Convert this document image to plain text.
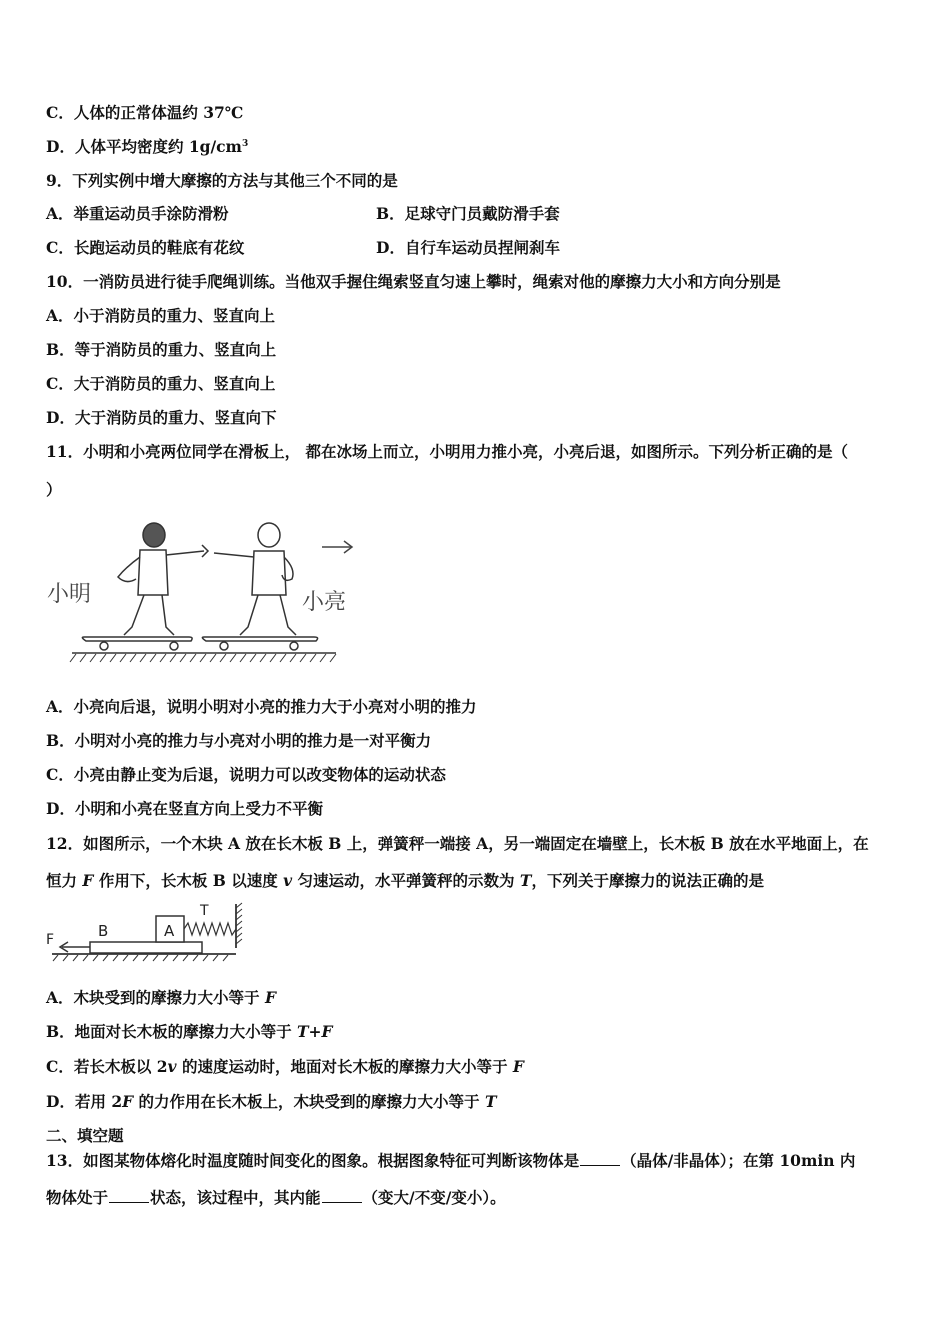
C．人体的正常体温约 37℃
D．人体平均密度约 $1g/cm^3$
9．下列实例中增大摩擦的方法与其他三个不同的是
A．举重运动员手涂防滑粉	B．足球守门员戴防滑手套
C．长跑运动员的鞋底有花纹	D．自行车运动员捏闸刹车
10．一消防员进行徒手爬绳训练。当他双手握住绳索竖直匀速上攀时，绳索对他的摩擦力大小和方向分别是
A．小于消防员的重力、竖直向上
B．等于消防员的重力、竖直向上
C．大于消防员的重力、竖直向上
D．大于消防员的重力、竖直向下
11．小明和小亮两位同学在滑板上， 都在冰场上而立，小明用力推小亮，小亮后退，如图所示。下列分析正确的是（
）
小明	小亮
A．小亮向后退，说明小明对小亮的推力大于小亮对小明的推力
B．小明对小亮的推力与小亮对小明的推力是一对平衡力
C．小亮由静止变为后退，说明力可以改变物体的运动状态
D．小明和小亮在竖直方向上受力不平衡
12．如图所示，一个木块 A 放在长木板 B 上，弹簧秤一端接 A，另一端固定在墙壁上，长木板 B 放在水平地面上，在
恒力 F 作用下，长木板 B 以速度 v 匀速运动，水平弹簧秤的示数为 T，下列关于摩擦力的说法正确的是
A
B
T
F
A．木块受到的摩擦力大小等于 F
B．地面对长木板的摩擦力大小等于 T+F
C．若长木板以 2v 的速度运动时，地面对长木板的摩擦力大小等于 F
D．若用 2F 的力作用在长木板上，木块受到的摩擦力大小等于 T
二、填空题
13．如图某物体熔化时温度随时间变化的图象。根据图象特征可判断该物体是	（晶体/非晶体）；在第 10min 内
物体处于	状态，该过程中，其内能	（变大/不变/变小）。
